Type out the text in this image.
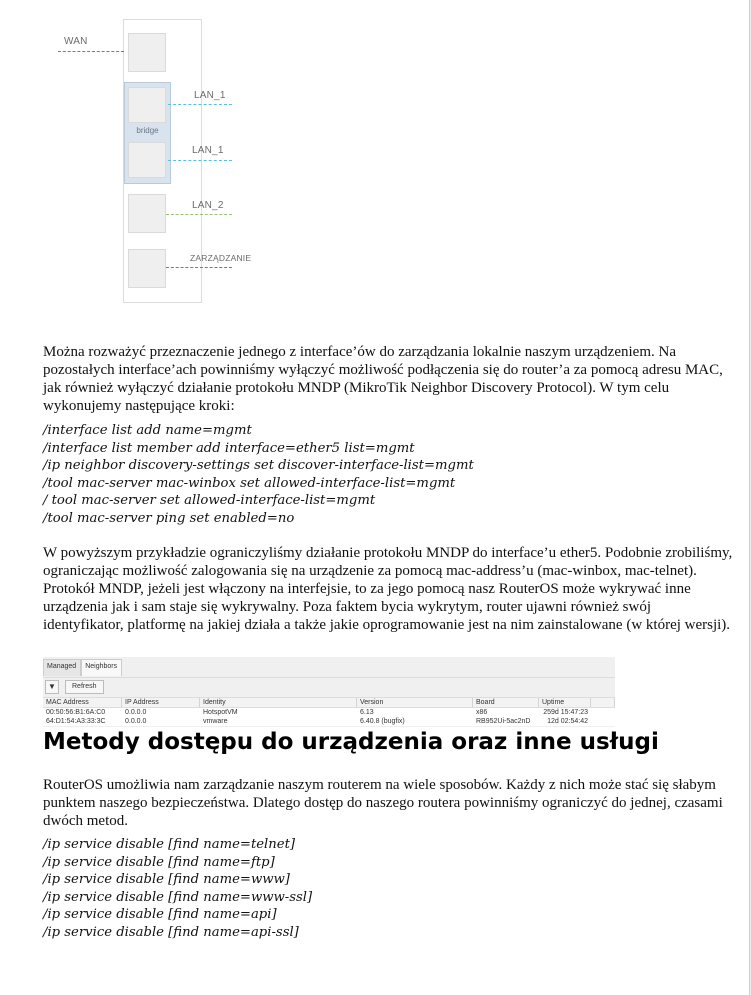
bridge
WAN
LAN_1
LAN_1
LAN_2
ZARZĄDZANIE

Można rozważyć przeznaczenie jednego z interface’ów do zarządzania lokalnie naszym urządzeniem. Na pozostałych interface’ach powinniśmy wyłączyć możliwość podłączenia się do router’a za pomocą adresu MAC, jak również wyłączyć działanie protokołu MNDP (MikroTik Neighbor Discovery Protocol). W tym celu wykonujemy następujące kroki:

/interface list add name=mgmt
/interface list member add interface=ether5 list=mgmt
/ip neighbor discovery-settings set discover-interface-list=mgmt
/tool mac-server mac-winbox set allowed-interface-list=mgmt
/ tool mac-server set allowed-interface-list=mgmt
/tool mac-server ping set enabled=no

W powyższym przykładzie ograniczyliśmy działanie protokołu MNDP do interface’u ether5. Podobnie zrobiliśmy, ograniczając możliwość zalogowania się na urządzenie za pomocą mac-address’u (mac-winbox, mac-telnet). Protokół MNDP, jeżeli jest włączony na interfejsie, to za jego pomocą nasz RouterOS może wykrywać inne urządzenia jak i sam staje się wykrywalny. Poza faktem bycia wykrytym, router ujawni również swój identyfikator, platformę na jakiej działa a także jakie oprogramowanie jest na nim zainstalowane (w której wersji).

Managed	Neighbors
▼	Refresh
MAC Address	IP Address	Identity	Version	Board	Uptime
00:50:56:B1:6A:C0	0.0.0.0	HotspotVM	6.13	x86	259d 15:47:23
64:D1:54:A3:33:3C	0.0.0.0	vmware	6.40.8 (bugfix)	RB952Ui-5ac2nD	12d 02:54:42
Metody dostępu do urządzenia oraz inne usługi

RouterOS umożliwia nam zarządzanie naszym routerem na wiele sposobów. Każdy z nich może stać się słabym punktem naszego bezpieczeństwa. Dlatego dostęp do naszego routera powinniśmy ograniczyć do jednej, czasami dwóch metod.

/ip service disable [find name=telnet]
/ip service disable [find name=ftp]
/ip service disable [find name=www]
/ip service disable [find name=www-ssl]
/ip service disable [find name=api]
/ip service disable [find name=api-ssl]
